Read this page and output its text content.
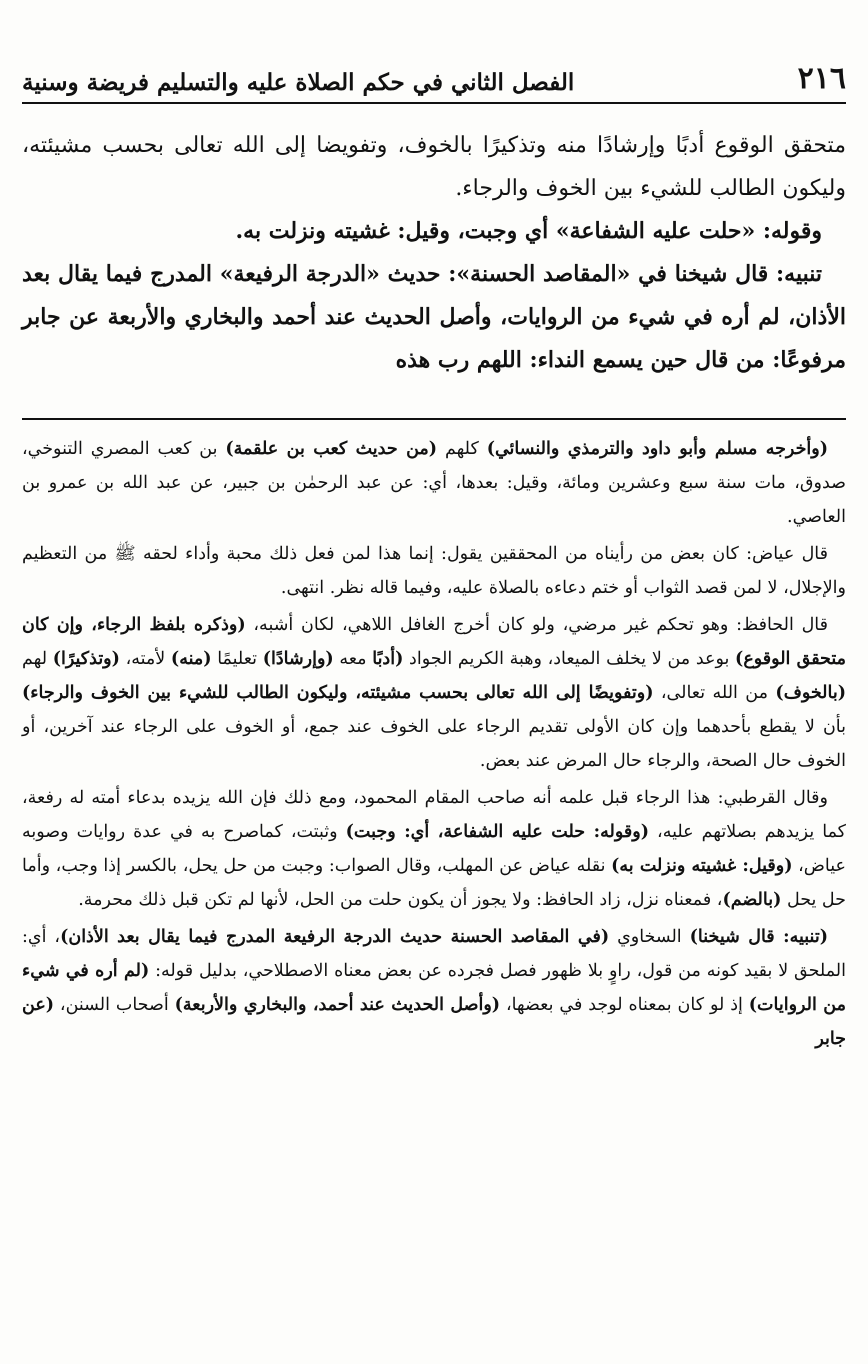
٢١٦
الفصل الثاني في حكم الصلاة عليه والتسليم فريضة وسنية

متحقق الوقوع أدبًا وإرشادًا منه وتذكيرًا بالخوف، وتفويضا إلى الله تعالى بحسب مشيئته، وليكون الطالب للشيء بين الخوف والرجاء.

وقوله: «حلت عليه الشفاعة» أي وجبت، وقيل: غشيته ونزلت به.

تنبيه: قال شيخنا في «المقاصد الحسنة»: حديث «الدرجة الرفيعة» المدرج فيما يقال بعد الأذان، لم أره في شيء من الروايات، وأصل الحديث عند أحمد والبخاري والأربعة عن جابر مرفوعًا: من قال حين يسمع النداء: اللهم رب هذه

(وأخرجه مسلم وأبو داود والترمذي والنسائي) كلهم (من حديث كعب بن علقمة) بن كعب المصري التنوخي، صدوق، مات سنة سبع وعشرين ومائة، وقيل: بعدها، أي: عن عبد الرحمٰن بن جبير، عن عبد الله بن عمرو بن العاصي.

قال عياض: كان بعض من رأيناه من المحققين يقول: إنما هذا لمن فعل ذلك محبة وأداء لحقه ﷺ من التعظيم والإجلال، لا لمن قصد الثواب أو ختم دعاءه بالصلاة عليه، وفيما قاله نظر. انتهى.

قال الحافظ: وهو تحكم غير مرضي، ولو كان أخرج الغافل اللاهي، لكان أشبه، (وذكره بلفظ الرجاء، وإن كان متحقق الوقوع) بوعد من لا يخلف الميعاد، وهبة الكريم الجواد (أدبًا معه (وإرشادًا) تعليمًا (منه) لأمته، (وتذكيرًا) لهم (بالخوف) من الله تعالى، (وتفويضًا إلى الله تعالى بحسب مشيئته، وليكون الطالب للشيء بين الخوف والرجاء) بأن لا يقطع بأحدهما وإن كان الأولى تقديم الرجاء على الخوف عند جمع، أو الخوف على الرجاء عند آخرين، أو الخوف حال الصحة، والرجاء حال المرض عند بعض.

وقال القرطبي: هذا الرجاء قبل علمه أنه صاحب المقام المحمود، ومع ذلك فإن الله يزيده بدعاء أمته له رفعة، كما يزيدهم بصلاتهم عليه، (وقوله: حلت عليه الشفاعة، أي: وجبت) وثبتت، كماصرح به في عدة روايات وصوبه عياض، (وقيل: غشيته ونزلت به) نقله عياض عن المهلب، وقال الصواب: وجبت من حل يحل، بالكسر إذا وجب، وأما حل يحل (بالضم)، فمعناه نزل، زاد الحافظ: ولا يجوز أن يكون حلت من الحل، لأنها لم تكن قبل ذلك محرمة.

(تنبيه: قال شيخنا) السخاوي (في المقاصد الحسنة حديث الدرجة الرفيعة المدرج فيما يقال بعد الأذان)، أي: الملحق لا بقيد كونه من قول، راوٍ بلا ظهور فصل فجرده عن بعض معناه الاصطلاحي، بدليل قوله: (لم أره في شيء من الروايات) إذ لو كان بمعناه لوجد في بعضها، (وأصل الحديث عند أحمد، والبخاري والأربعة) أصحاب السنن، (عن جابر
